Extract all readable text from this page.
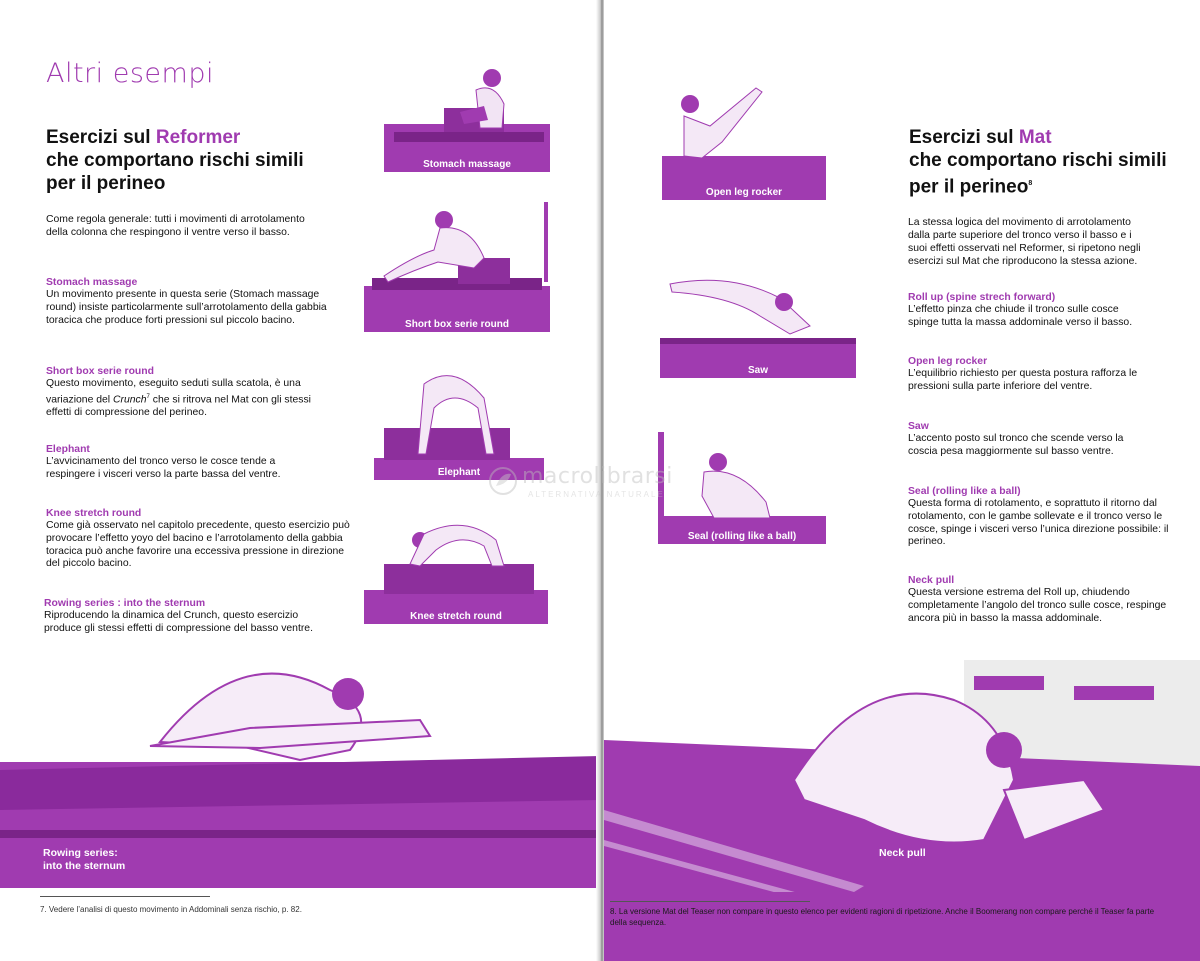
Altri esempi
Esercizi sul Reformer
che comportano rischi simili
per il perineo
Come regola generale: tutti i movimenti di arrotolamento della colonna che respingono il ventre verso il basso.
Stomach massage
Un movimento presente in questa serie (Stomach massage round) insiste particolarmente sull’arrotolamento della gabbia toracica che produce forti pressioni sul piccolo bacino.
Short box serie round
Questo movimento, eseguito seduti sulla scatola, è una variazione del Crunch$^7$ che si ritrova nel Mat con gli stessi effetti di compressione del perineo.
Elephant
L’avvicinamento del tronco verso le cosce tende a respingere i visceri verso la parte bassa del ventre.
Knee stretch round
Come già osservato nel capitolo precedente, questo esercizio può provocare l’effetto yoyo del bacino e l’arrotolamento della gabbia toracica può anche favorire una eccessiva pressione in direzione del piccolo bacino.
Rowing series : into the sternum
Riproducendo la dinamica del Crunch, questo esercizio produce gli stessi effetti di compressione del basso ventre.
Stomach massage
Short box serie round
Elephant
Knee stretch round
Rowing series:
into the sternum
7. Vedere l’analisi di questo movimento in Addominali senza rischio, p. 82.
Open leg rocker
Saw
Seal (rolling like a ball)
Esercizi sul Mat
che comportano rischi simili
per il perineo$^8$
La stessa logica del movimento di arrotolamento dalla parte superiore del tronco verso il basso e i suoi effetti osservati nel Reformer, si ripetono negli esercizi sul Mat che riproducono la stessa azione.
Roll up (spine strech forward)
L’effetto pinza che chiude il tronco sulle cosce spinge tutta la massa addominale verso il basso.
Open leg rocker
L’equilibrio richiesto per questa postura rafforza le pressioni sulla parte inferiore del ventre.
Saw
L’accento posto sul tronco che scende verso la coscia pesa maggiormente sul basso ventre.
Seal (rolling like a ball)
Questa forma di rotolamento, e soprattuto il ritorno dal rotolamento, con le gambe sollevate e il tronco verso le cosce, spinge i visceri verso l’unica direzione possibile: il perineo.
Neck pull
Questa versione estrema del Roll up, chiudendo completamente l’angolo del tronco sulle cosce, respinge ancora più in basso la massa addominale.
Neck pull
8. La versione Mat del Teaser non compare in questo elenco per evidenti ragioni di ripetizione. Anche il Boomerang non compare perché il Teaser fa parte della sequenza.
macrolibrarsi
ALTERNATIVA NATURALE
